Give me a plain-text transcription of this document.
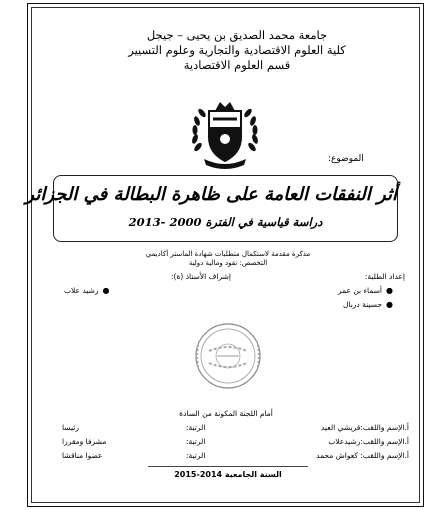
جامعة محمد الصديق بن يحيى – جيجل
كلية العلوم الاقتصادية والتجارية وعلوم التسيير
قسم العلوم الاقتصادية
الموضوع:
أثر النفقات العامة على ظاهرة البطالة في الجزائر
دراسة قياسية في الفترة 2000 -2013
مذكرة مقدمة لاستكمال متطلبات شهادة الماستر أكاديمي
التخصص: نقود ومالية دولية
إعداد الطلبة:
إشراف الأستاذ (ة):
●أسماء بن عمر
●حسينة دربال
●رشيد علاب
أمام اللجنة المكونة من السادة
أ.الإسم واللقب:قريشي العيد
الرتبة:
رئيسا
أ.الإسم واللقب:رشيدعلاب
الرتبة:
مشرفا ومقررا
أ.الإسم واللقب: كعواش محمد
الرتبة:
عضوا مناقشا
السنة الجامعية 2014-2015
